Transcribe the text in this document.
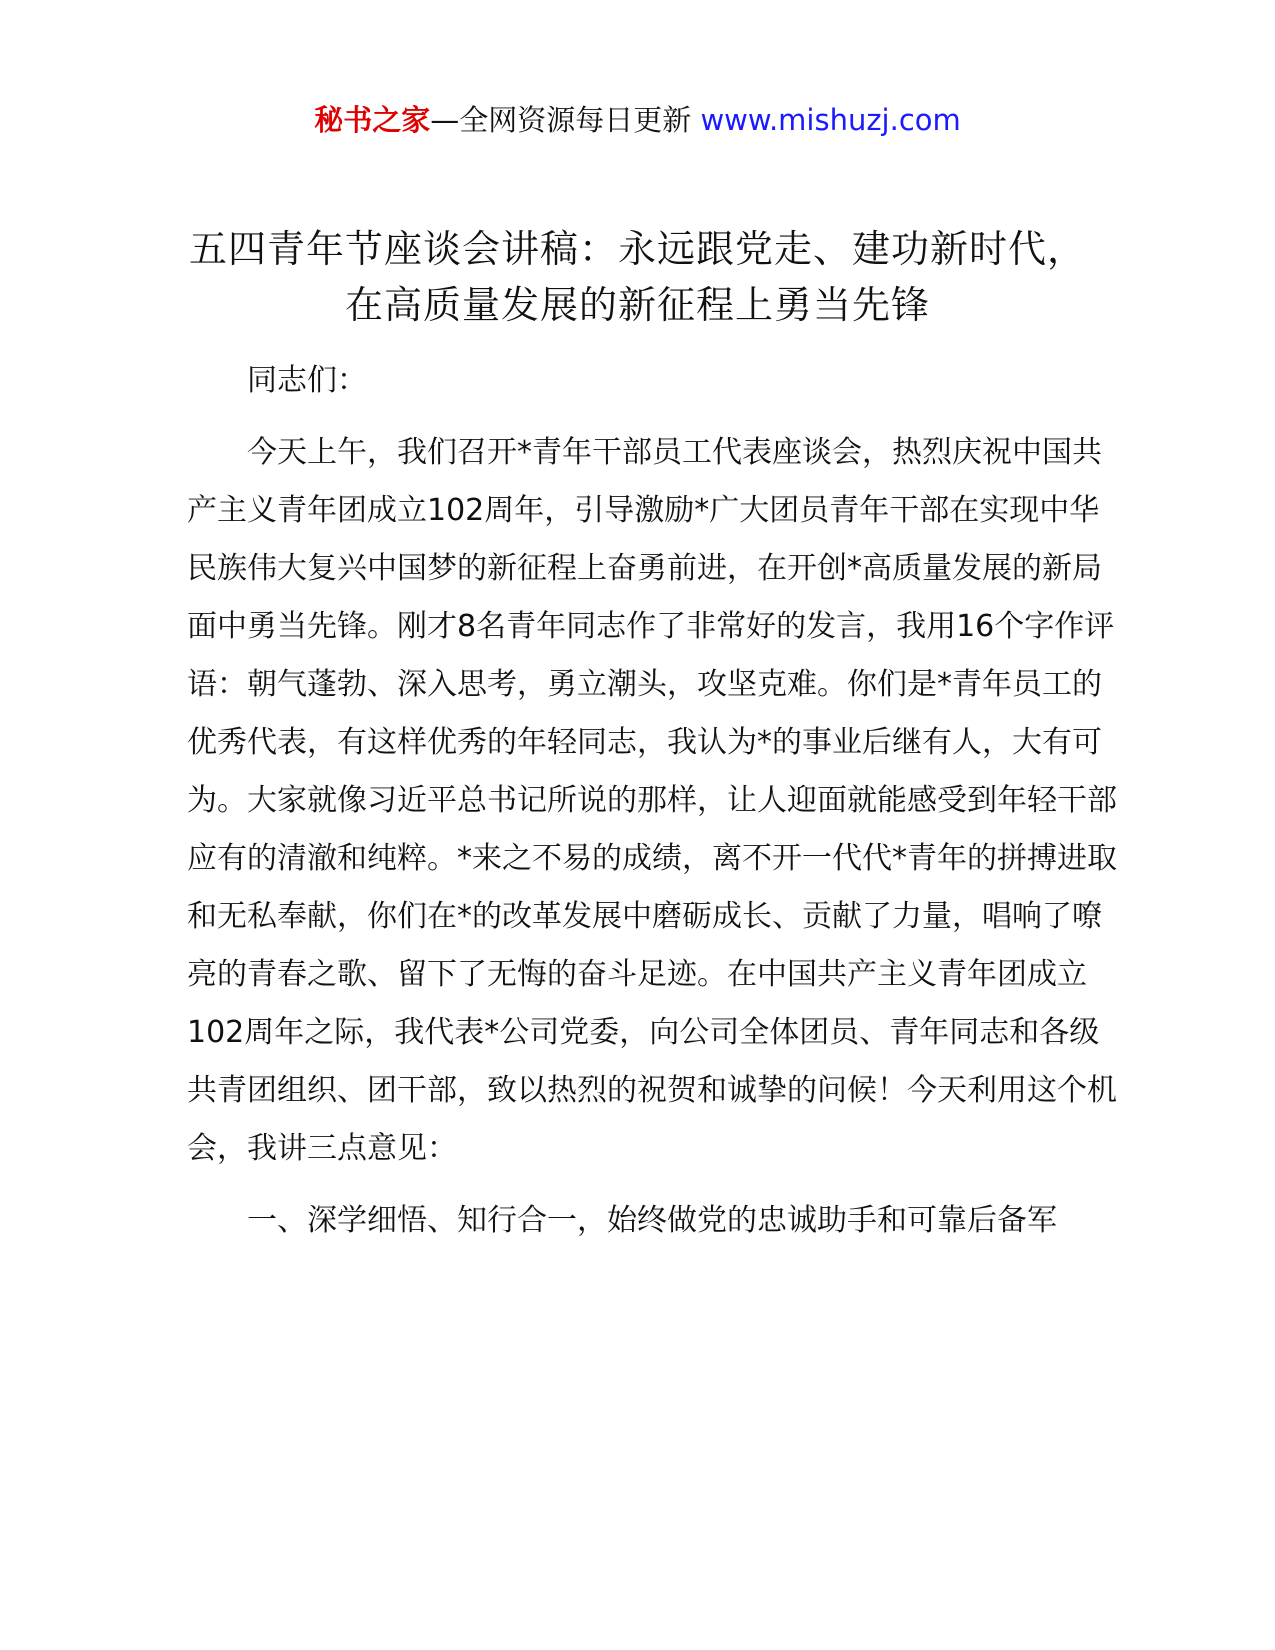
秘书之家—全网资源每日更新 www.mishuzj.com
五四青年节座谈会讲稿：永远跟党走、建功新时代，在高质量发展的新征程上勇当先锋

同志们：

今天上午，我们召开*青年干部员工代表座谈会，热烈庆祝中国共产主义青年团成立102周年，引导激励*广大团员青年干部在实现中华民族伟大复兴中国梦的新征程上奋勇前进，在开创*高质量发展的新局面中勇当先锋。刚才8名青年同志作了非常好的发言，我用16个字作评语：朝气蓬勃、深入思考，勇立潮头，攻坚克难。你们是*青年员工的优秀代表，有这样优秀的年轻同志，我认为*的事业后继有人，大有可为。大家就像习近平总书记所说的那样，让人迎面就能感受到年轻干部应有的清澈和纯粹。*来之不易的成绩，离不开一代代*青年的拼搏进取和无私奉献，你们在*的改革发展中磨砺成长、贡献了力量，唱响了嘹亮的青春之歌、留下了无悔的奋斗足迹。在中国共产主义青年团成立102周年之际，我代表*公司党委，向公司全体团员、青年同志和各级共青团组织、团干部，致以热烈的祝贺和诚挚的问候！今天利用这个机会，我讲三点意见：

一、深学细悟、知行合一，始终做党的忠诚助手和可靠后备军
